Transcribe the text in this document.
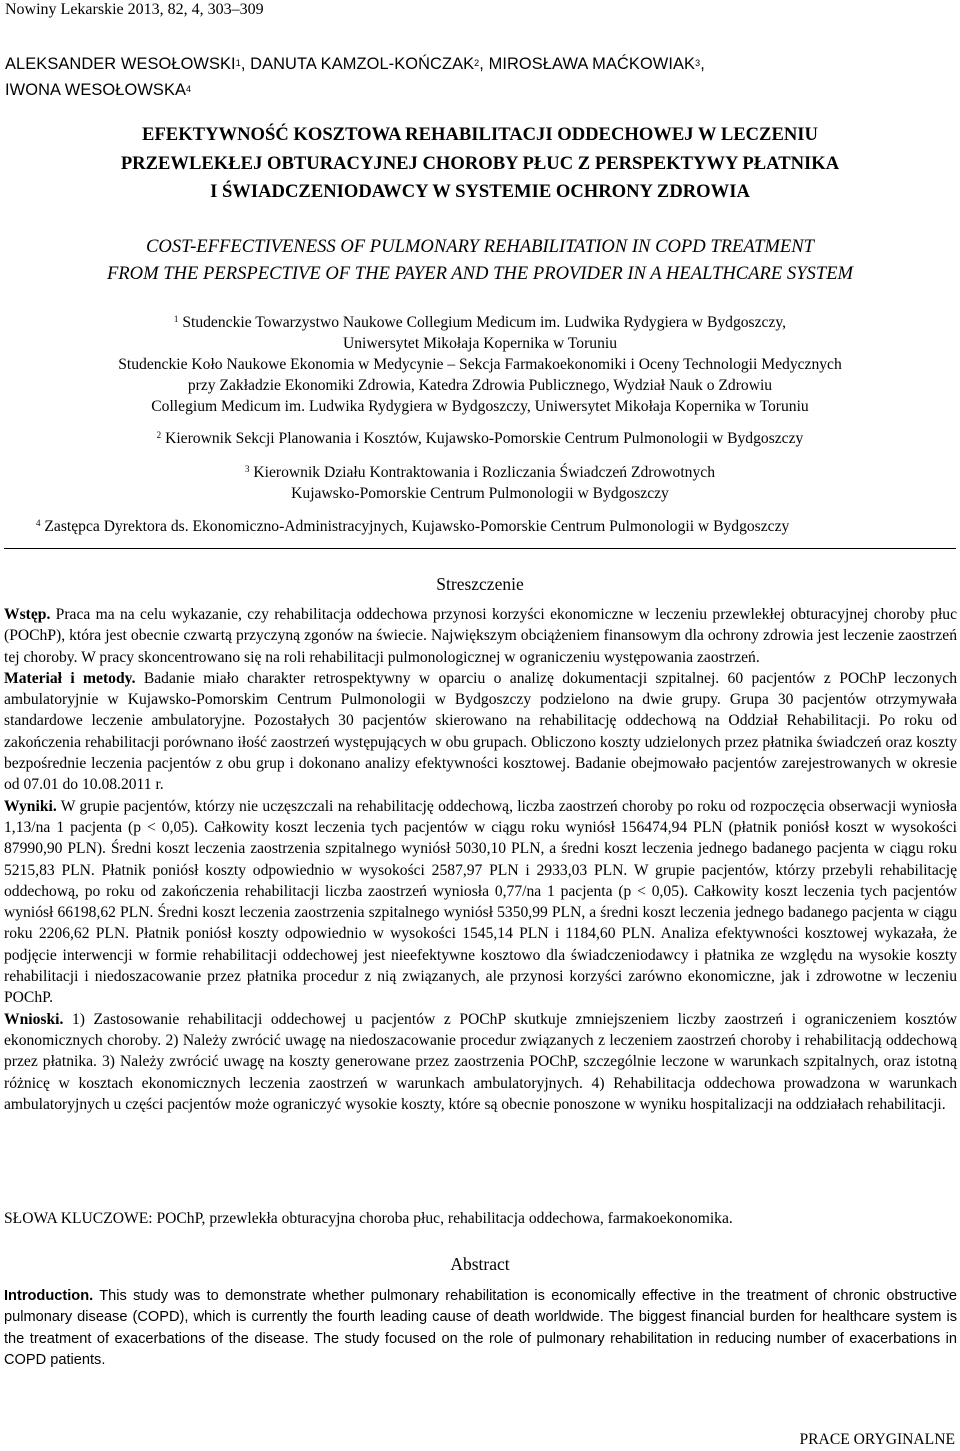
Nowiny Lekarskie 2013, 82, 4, 303–309
ALEKSANDER WESOŁOWSKI$^1$, DANUTA KAMZOL-KOŃCZAK$^2$, MIROSŁAWA MAĆKOWIAK$^3$,
IWONA WESOŁOWSKA$^4$
EFEKTYWNOŚĆ KOSZTOWA REHABILITACJI ODDECHOWEJ W LECZENIU
PRZEWLEKŁEJ OBTURACYJNEJ CHOROBY PŁUC Z PERSPEKTYWY PŁATNIKA
I ŚWIADCZENIODAWCY W SYSTEMIE OCHRONY ZDROWIA
COST-EFFECTIVENESS OF PULMONARY REHABILITATION IN COPD TREATMENT
FROM THE PERSPECTIVE OF THE PAYER AND THE PROVIDER IN A HEALTHCARE SYSTEM
$^1$ Studenckie Towarzystwo Naukowe Collegium Medicum im. Ludwika Rydygiera w Bydgoszczy,
Uniwersytet Mikołaja Kopernika w Toruniu
Studenckie Koło Naukowe Ekonomia w Medycynie – Sekcja Farmakoekonomiki i Oceny Technologii Medycznych
przy Zakładzie Ekonomiki Zdrowia, Katedra Zdrowia Publicznego, Wydział Nauk o Zdrowiu
Collegium Medicum im. Ludwika Rydygiera w Bydgoszczy, Uniwersytet Mikołaja Kopernika w Toruniu
$^2$ Kierownik Sekcji Planowania i Kosztów, Kujawsko-Pomorskie Centrum Pulmonologii w Bydgoszczy
$^3$ Kierownik Działu Kontraktowania i Rozliczania Świadczeń Zdrowotnych
Kujawsko-Pomorskie Centrum Pulmonologii w Bydgoszczy
$^4$ Zastępca Dyrektora ds. Ekonomiczno-Administracyjnych, Kujawsko-Pomorskie Centrum Pulmonologii w Bydgoszczy
Streszczenie

Wstęp. Praca ma na celu wykazanie, czy rehabilitacja oddechowa przynosi korzyści ekonomiczne w leczeniu przewlekłej obturacyjnej choroby płuc (POChP), która jest obecnie czwartą przyczyną zgonów na świecie. Największym obciążeniem finansowym dla ochrony zdrowia jest leczenie zaostrzeń tej choroby. W pracy skoncentrowano się na roli rehabilitacji pulmonologicznej w ograniczeniu występowania zaostrzeń.

Materiał i metody. Badanie miało charakter retrospektywny w oparciu o analizę dokumentacji szpitalnej. 60 pacjentów z POChP leczonych ambulatoryjnie w Kujawsko-Pomorskim Centrum Pulmonologii w Bydgoszczy podzielono na dwie grupy. Grupa 30 pacjentów otrzymywała standardowe leczenie ambulatoryjne. Pozostałych 30 pacjentów skierowano na rehabilitację oddechową na Oddział Rehabilitacji. Po roku od zakończenia rehabilitacji porównano iłość zaostrzeń występujących w obu grupach. Obliczono koszty udzielonych przez płatnika świadczeń oraz koszty bezpośrednie leczenia pacjentów z obu grup i dokonano analizy efektywności kosztowej. Badanie obejmowało pacjentów zarejestrowanych w okresie od 07.01 do 10.08.2011 r.

Wyniki. W grupie pacjentów, którzy nie uczęszczali na rehabilitację oddechową, liczba zaostrzeń choroby po roku od rozpoczęcia obserwacji wyniosła 1,13/na 1 pacjenta (p < 0,05). Całkowity koszt leczenia tych pacjentów w ciągu roku wyniósł 156474,94 PLN (płatnik poniósł koszt w wysokości 87990,90 PLN). Średni koszt leczenia zaostrzenia szpitalnego wyniósł 5030,10 PLN, a średni koszt leczenia jednego badanego pacjenta w ciągu roku 5215,83 PLN. Płatnik poniósł koszty odpowiednio w wysokości 2587,97 PLN i 2933,03 PLN. W grupie pacjentów, którzy przebyli rehabilitację oddechową, po roku od zakończenia rehabilitacji liczba zaostrzeń wyniosła 0,77/na 1 pacjenta (p < 0,05). Całkowity koszt leczenia tych pacjentów wyniósł 66198,62 PLN. Średni koszt leczenia zaostrzenia szpitalnego wyniósł 5350,99 PLN, a średni koszt leczenia jednego badanego pacjenta w ciągu roku 2206,62 PLN. Płatnik poniósł koszty odpowiednio w wysokości 1545,14 PLN i 1184,60 PLN. Analiza efektywności kosztowej wykazała, że podjęcie interwencji w formie rehabilitacji oddechowej jest nieefektywne kosztowo dla świadczeniodawcy i płatnika ze względu na wysokie koszty rehabilitacji i niedoszacowanie przez płatnika procedur z nią związanych, ale przynosi korzyści zarówno ekonomiczne, jak i zdrowotne w leczeniu POChP.

Wnioski. 1) Zastosowanie rehabilitacji oddechowej u pacjentów z POChP skutkuje zmniejszeniem liczby zaostrzeń i ograniczeniem kosztów ekonomicznych choroby. 2) Należy zwrócić uwagę na niedoszacowanie procedur związanych z leczeniem zaostrzeń choroby i rehabilitacją oddechową przez płatnika. 3) Należy zwrócić uwagę na koszty generowane przez zaostrzenia POChP, szczególnie leczone w warunkach szpitalnych, oraz istotną różnicę w kosztach ekonomicznych leczenia zaostrzeń w warunkach ambulatoryjnych. 4) Rehabilitacja oddechowa prowadzona w warunkach ambulatoryjnych u części pacjentów może ograniczyć wysokie koszty, które są obecnie ponoszone w wyniku hospitalizacji na oddziałach rehabilitacji.

SŁOWA KLUCZOWE: POChP, przewlekła obturacyjna choroba płuc, rehabilitacja oddechowa, farmakoekonomika.
Abstract

Introduction. This study was to demonstrate whether pulmonary rehabilitation is economically effective in the treatment of chronic obstructive pulmonary disease (COPD), which is currently the fourth leading cause of death worldwide. The biggest financial burden for healthcare system is the treatment of exacerbations of the disease. The study focused on the role of pulmonary rehabilitation in reducing number of exacerbations in COPD patients.

PRACE ORYGINALNE
